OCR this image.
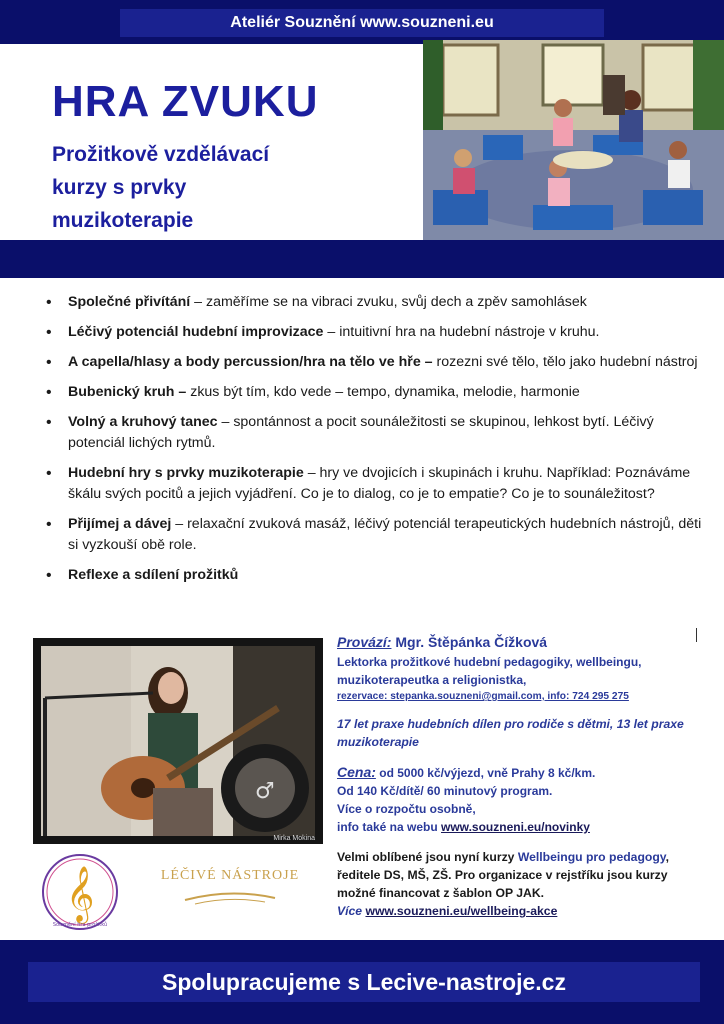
Ateliér Souznění www.souzneni.eu
HRA ZVUKU
Prožitkově vzdělávací
kurzy s prvky
muzikoterapie
• Společné přivítání – zaměříme se na vibraci zvuku, svůj dech a zpěv samohlásek
• Léčivý potenciál hudební improvizace – intuitivní hra na hudební nástroje v kruhu.
• A capella/hlasy a body percussion/hra na tělo ve hře – rozezni své tělo, tělo jako hudební nástroj
• Bubenický kruh – zkus být tím, kdo vede – tempo, dynamika, melodie, harmonie
• Volný a kruhový tanec – spontánnost a pocit sounáležitosti se skupinou, lehkost bytí. Léčivý potenciál lichých rytmů.
• Hudební hry s prvky muzikoterapie – hry ve dvojicích i skupinách i kruhu. Například: Poznáváme škálu svých pocitů a jejich vyjádření. Co je to dialog, co je to empatie? Co je to sounáležitost?
• Přijímej a dávej – relaxační zvuková masáž, léčivý potenciál terapeutických hudebních nástrojů, děti si vyzkouší obě role.
• Reflexe a sdílení prožitků
♂
Mirka Mokina
Provází: Mgr. Štěpánka Čížková
Lektorka prožitkové hudební pedagogiky, wellbeingu, muzikoterapeutka a religionistka,
rezervace: stepanka.souzneni@gmail.com, info: 724 295 275
17 let praxe hudebních dílen pro rodiče s dětmi, 13 let praxe muzikoterapie
Cena: od 5000 kč/výjezd, vně Prahy 8 kč/km.
Od 140 Kč/dítě/ 60 minutový program.
Více o rozpočtu osobně,
info také na webu www.souzneni.eu/novinky
Velmi oblíbené jsou nyní kurzy Wellbeingu pro pedagogy, ředitele DS, MŠ, ZŠ. Pro organizace v rejstříku jsou kurzy možné financovat z šablon OP JAK.
Více www.souzneni.eu/wellbeing-akce
𝄞
Souznění hra prožitků
LÉČIVÉ NÁSTROJE
Spolupracujeme s Lecive-nastroje.cz
